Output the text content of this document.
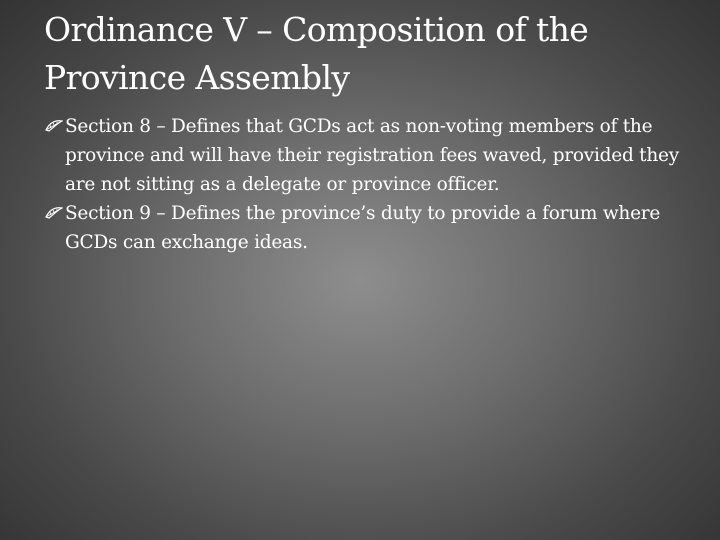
Ordinance V – Composition of the Province Assembly
Section 8 – Defines that GCDs act as non-voting members of the province and will have their registration fees waved, provided they are not sitting as a delegate or province officer.
Section 9 – Defines the province’s duty to provide a forum where GCDs can exchange ideas.
